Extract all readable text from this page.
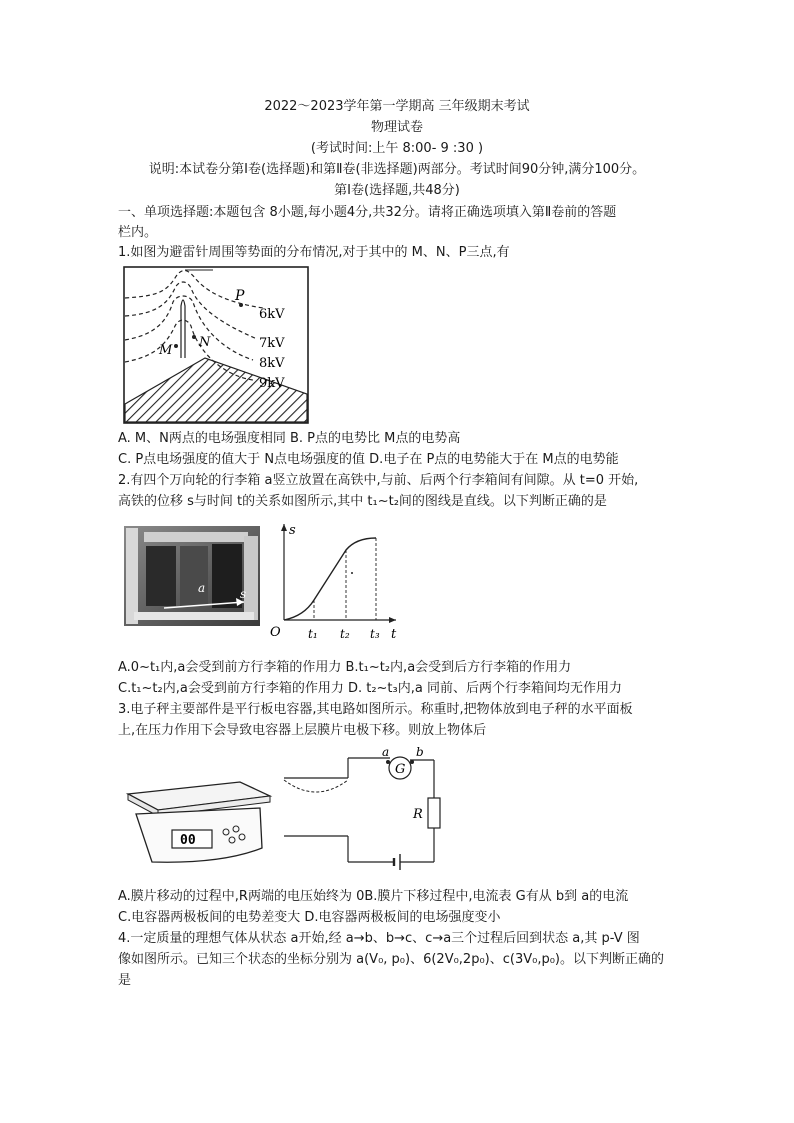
2022～2023学年第一学期高 三年级期末考试
物理试卷
(考试时间:上午 8:00- 9 :30 )
说明:本试卷分第Ⅰ卷(选择题)和第Ⅱ卷(非选择题)两部分。考试时间90分钟,满分100分。
第Ⅰ卷(选择题,共48分)
一、单项选择题:本题包含 8小题,每小题4分,共32分。请将正确选项填入第Ⅱ卷前的答题
栏内。
1.如图为避雷针周围等势面的分布情况,对于其中的 M、N、P三点,有
P
M
N
6kV
7kV
8kV
9kV
A. M、N两点的电场强度相同 B. P点的电势比 M点的电势高
C. P点电场强度的值大于 N点电场强度的值 D.电子在 P点的电势能大于在 M点的电势能
2.有四个万向轮的行李箱 a竖立放置在高铁中,与前、后两个行李箱间有间隙。从 t=0 开始,
高铁的位移 s与时间 t的关系如图所示,其中 t₁~t₂间的图线是直线。以下判断正确的是
a	s
s
t
O t₁ t₂ t₃
A.0~t₁内,a会受到前方行李箱的作用力 B.t₁~t₂内,a会受到后方行李箱的作用力
C.t₁~t₂内,a会受到前方行李箱的作用力 D. t₂~t₃内,a 同前、后两个行李箱间均无作用力
3.电子秤主要部件是平行板电容器,其电路如图所示。称重时,把物体放到电子秤的水平面板
上,在压力作用下会导致电容器上层膜片电极下移。则放上物体后
00
G
a b
R
A.膜片移动的过程中,R两端的电压始终为 0B.膜片下移过程中,电流表 G有从 b到 a的电流
C.电容器两极板间的电势差变大 D.电容器两极板间的电场强度变小
4.一定质量的理想气体从状态 a开始,经 a→b、b→c、c→a三个过程后回到状态 a,其 p-V 图
像如图所示。已知三个状态的坐标分别为 a(V₀, p₀)、6(2V₀,2p₀)、c(3V₀,p₀)。以下判断正确的
是
